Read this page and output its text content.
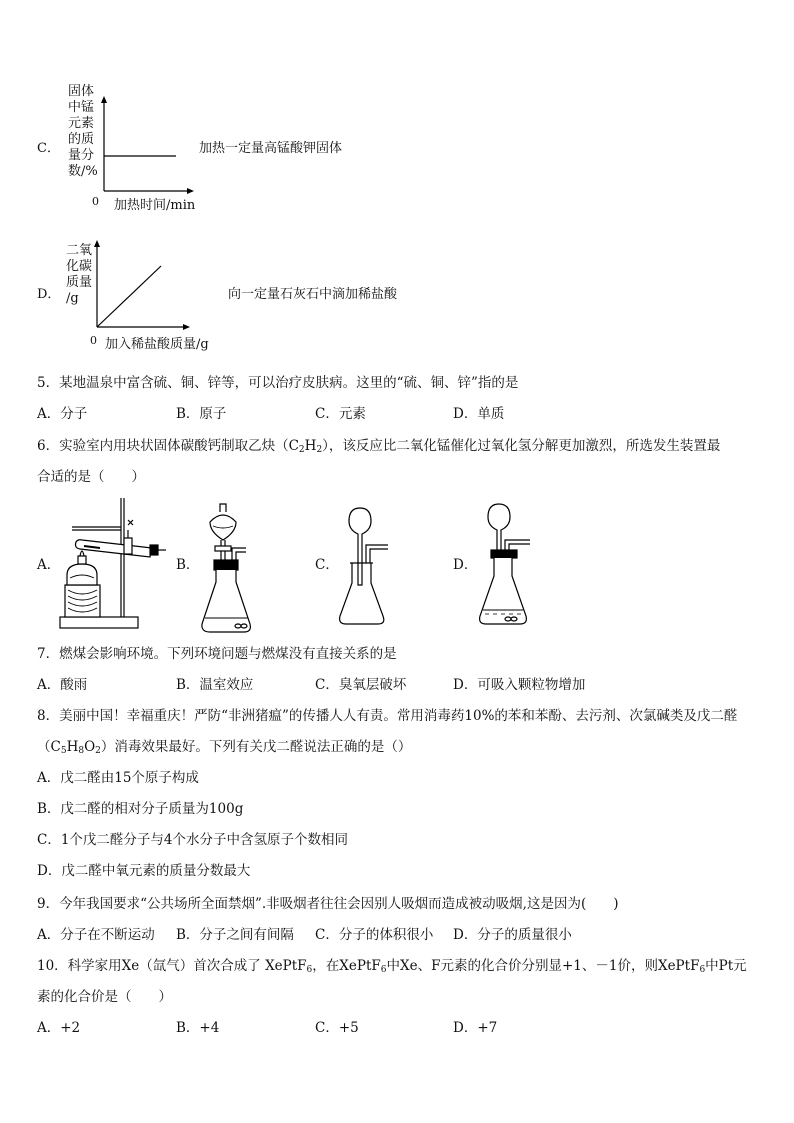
C．
固体
中锰
元素
的质
量分
数/%
0 加热时间/min
加热一定量高锰酸钾固体
D．
二氧
化碳
质量
/g
0 加入稀盐酸质量/g
向一定量石灰石中滴加稀盐酸
5．某地温泉中富含硫、铜、锌等，可以治疗皮肤病。这里的“硫、铜、锌”指的是
A．分子	B．原子	C．元素	D．单质
6．实验室内用块状固体碳酸钙制取乙炔$(C_2H_2)$，该反应比二氧化锰催化过氧化氢分解更加激烈，所选发生装置最
合适的是（　　）
A．	B．	C．	D．
7．燃煤会影响环境。下列环境问题与燃煤没有直接关系的是
A．酸雨	B．温室效应	C．臭氧层破坏	D．可吸入颗粒物增加
8．美丽中国！幸福重庆！严防“非洲猪瘟”的传播人人有责。常用消毒药10%的苯和苯酚、去污剂、次氯碱类及戊二醛
$(C_5H_8O_2)$消毒效果最好。下列有关戊二醛说法正确的是（）
A．戊二醛由15个原子构成
B．戊二醛的相对分子质量为100g
C．1个戊二醛分子与4个水分子中含氢原子个数相同
D．戊二醛中氧元素的质量分数最大
9．今年我国要求“公共场所全面禁烟”.非吸烟者往往会因别人吸烟而造成被动吸烟,这是因为(　　)
A．分子在不断运动 B．分子之间有间隔 C．分子的体积很小 D．分子的质量很小
10．科学家用Xe（氙气）首次合成了 XePtF$_6$，在XePtF$_6$中Xe、F元素的化合价分别显+1、－1价，则XePtF$_6$中Pt元
素的化合价是（　　）
A．+2	B．+4	C．+5	D．+7
